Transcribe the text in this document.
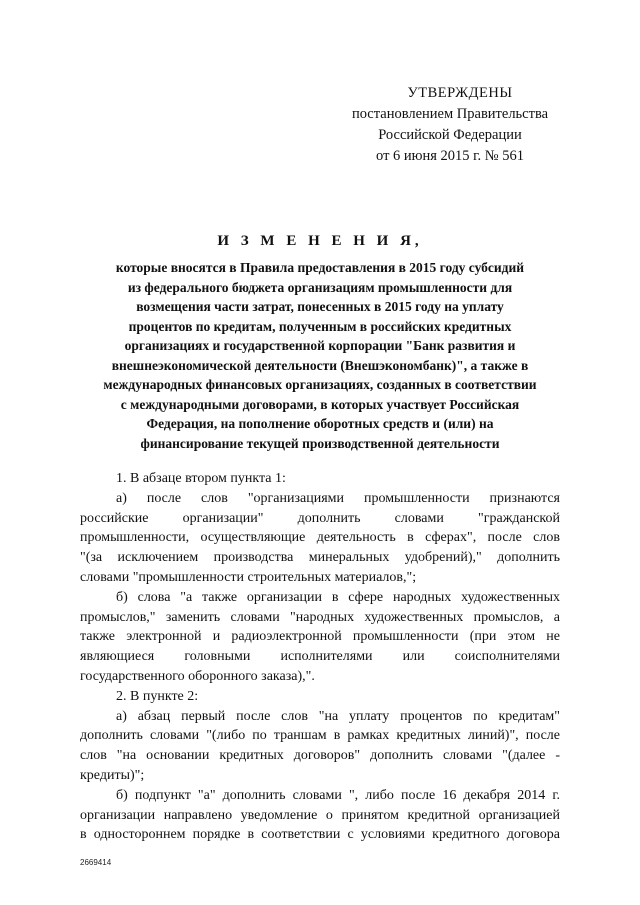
УТВЕРЖДЕНЫ
постановлением Правительства
Российской Федерации
от 6 июня 2015 г. № 561
И З М Е Н Е Н И Я,
которые вносятся в Правила предоставления в 2015 году субсидий
из федерального бюджета организациям промышленности для
возмещения части затрат, понесенных в 2015 году на уплату
процентов по кредитам, полученным в российских кредитных
организациях и государственной корпорации "Банк развития и
внешнеэкономической деятельности (Внешэкономбанк)", а также в
международных финансовых организациях, созданных в соответствии
с международными договорами, в которых участвует Российская
Федерация, на пополнение оборотных средств и (или) на
финансирование текущей производственной деятельности
1. В абзаце втором пункта 1:
а) после слов "организациями промышленности признаются
российские организации" дополнить словами "гражданской
промышленности, осуществляющие деятельность в сферах", после слов
"(за исключением производства минеральных удобрений)," дополнить
словами "промышленности строительных материалов,";
б) слова "а также организации в сфере народных художественных
промыслов," заменить словами "народных художественных промыслов, а
также электронной и радиоэлектронной промышленности (при этом не
являющиеся головными исполнителями или соисполнителями
государственного оборонного заказа),".
2. В пункте 2:
а) абзац первый после слов "на уплату процентов по кредитам"
дополнить словами "(либо по траншам в рамках кредитных линий)", после
слов "на основании кредитных договоров" дополнить словами "(далее -
кредиты)";
б) подпункт "а" дополнить словами ", либо после 16 декабря 2014 г.
организации направлено уведомление о принятом кредитной организацией
в одностороннем порядке в соответствии с условиями кредитного договора
2669414
